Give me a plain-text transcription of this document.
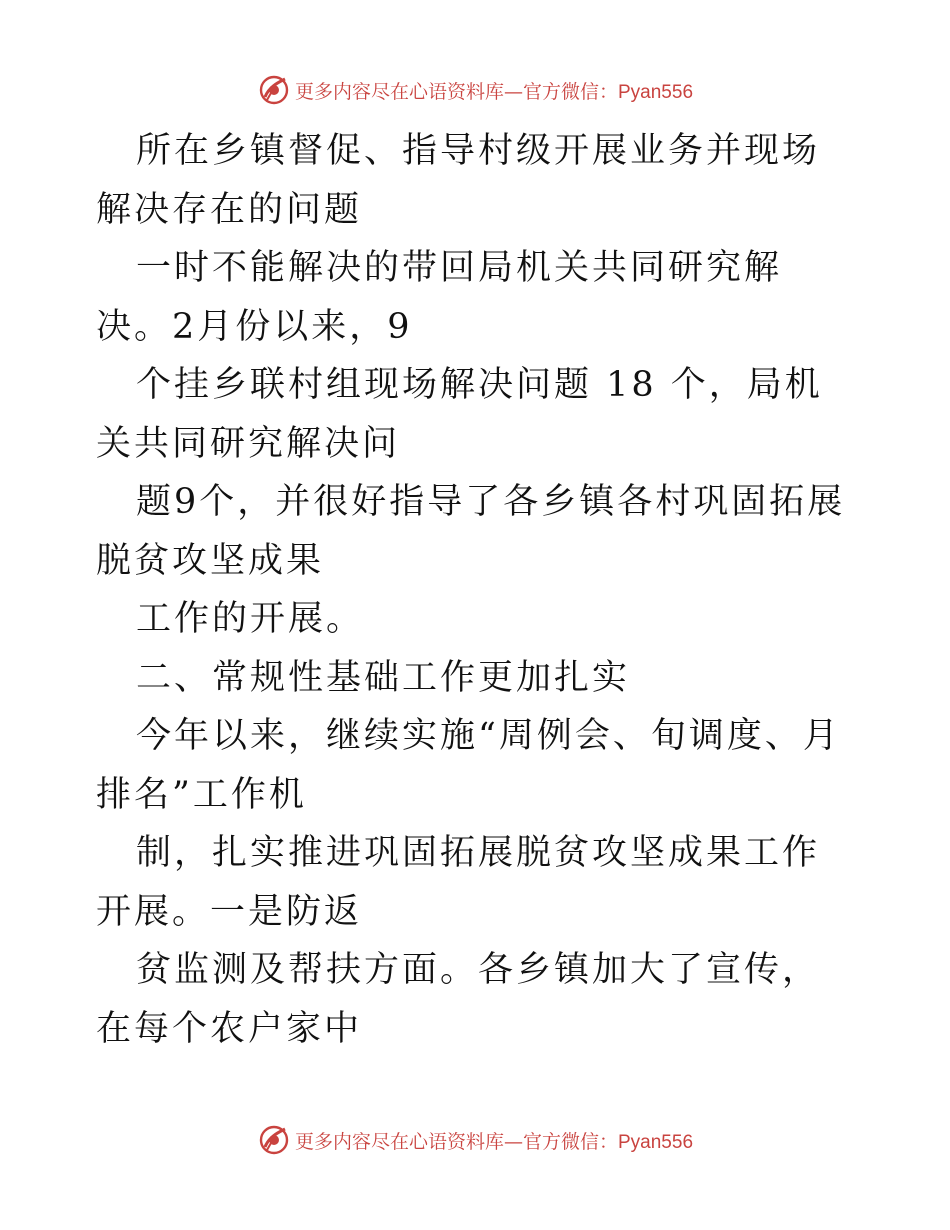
更多内容尽在心语资料库—官方微信：Pyan556

所在乡镇督促、指导村级开展业务并现场解决存在的问题

一时不能解决的带回局机关共同研究解决。2月份以来，9

个挂乡联村组现场解决问题 18 个，局机关共同研究解决问

题9个，并很好指导了各乡镇各村巩固拓展脱贫攻坚成果

工作的开展。

二、常规性基础工作更加扎实

今年以来，继续实施“周例会、旬调度、月排名”工作机

制，扎实推进巩固拓展脱贫攻坚成果工作开展。一是防返

贫监测及帮扶方面。各乡镇加大了宣传，在每个农户家中

更多内容尽在心语资料库—官方微信：Pyan556
